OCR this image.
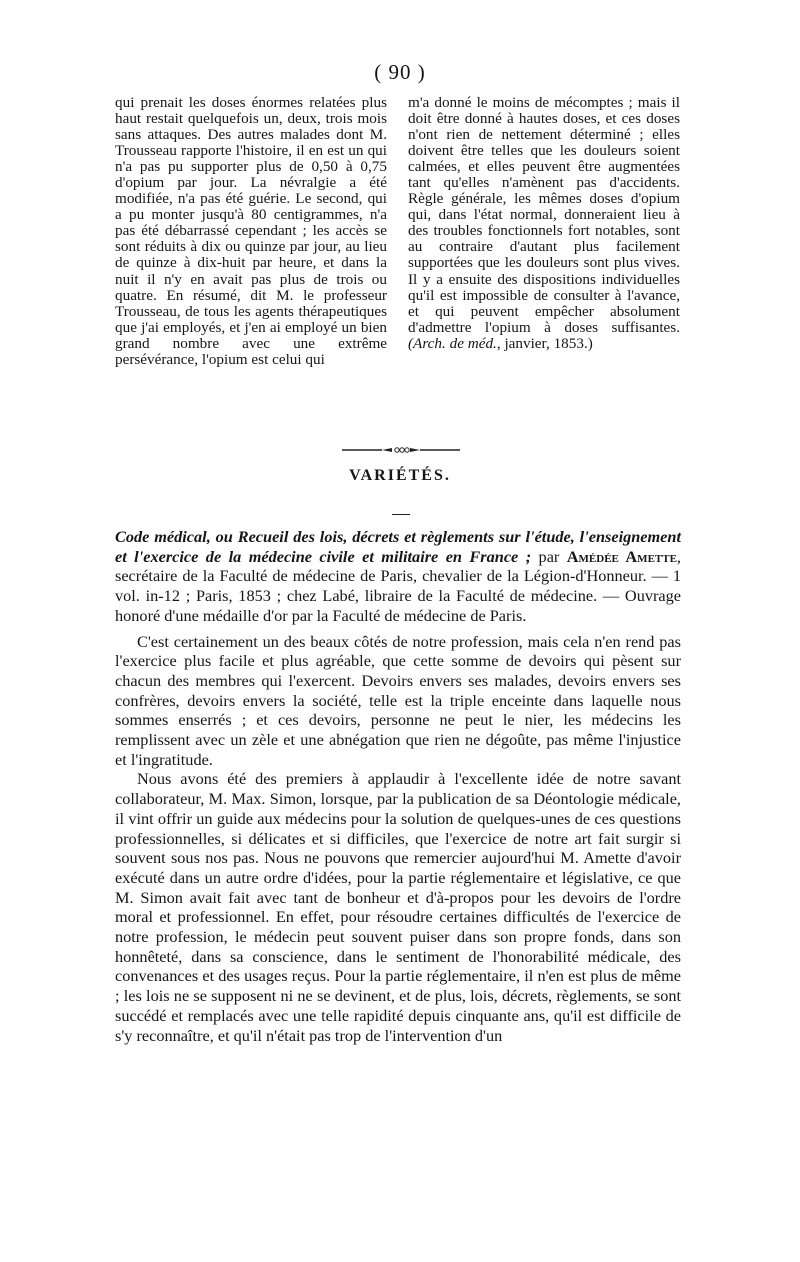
( 90 )

qui prenait les doses énormes relatées plus haut restait quelquefois un, deux, trois mois sans attaques. Des autres malades dont M. Trousseau rapporte l'histoire, il en est un qui n'a pas pu supporter plus de 0,50 à 0,75 d'opium par jour. La névralgie a été modifiée, n'a pas été guérie. Le second, qui a pu monter jusqu'à 80 centigrammes, n'a pas été débarrassé cependant ; les accès se sont réduits à dix ou quinze par jour, au lieu de quinze à dix-huit par heure, et dans la nuit il n'y en avait pas plus de trois ou quatre. En résumé, dit M. le professeur Trousseau, de tous les agents thérapeutiques que j'ai employés, et j'en ai employé un bien grand nombre avec une extrême persévérance, l'opium est celui qui

m'a donné le moins de mécomptes ; mais il doit être donné à hautes doses, et ces doses n'ont rien de nettement déterminé ; elles doivent être telles que les douleurs soient calmées, et elles peuvent être augmentées tant qu'elles n'amènent pas d'accidents. Règle générale, les mêmes doses d'opium qui, dans l'état normal, donneraient lieu à des troubles fonctionnels fort notables, sont au contraire d'autant plus facilement supportées que les douleurs sont plus vives. Il y a ensuite des dispositions individuelles qu'il est impossible de consulter à l'avance, et qui peuvent empêcher absolument d'admettre l'opium à doses suffisantes. (Arch. de méd., janvier, 1853.)

VARIÉTÉS.

Code médical, ou Recueil des lois, décrets et règlements sur l'étude, l'enseignement et l'exercice de la médecine civile et militaire en France ; par Amédée Amette, secrétaire de la Faculté de médecine de Paris, chevalier de la Légion-d'Honneur. — 1 vol. in-12 ; Paris, 1853 ; chez Labé, libraire de la Faculté de médecine. — Ouvrage honoré d'une médaille d'or par la Faculté de médecine de Paris.

C'est certainement un des beaux côtés de notre profession, mais cela n'en rend pas l'exercice plus facile et plus agréable, que cette somme de devoirs qui pèsent sur chacun des membres qui l'exercent. Devoirs envers ses malades, devoirs envers ses confrères, devoirs envers la société, telle est la triple enceinte dans laquelle nous sommes enserrés ; et ces devoirs, personne ne peut le nier, les médecins les remplissent avec un zèle et une abnégation que rien ne dégoûte, pas même l'injustice et l'ingratitude.

Nous avons été des premiers à applaudir à l'excellente idée de notre savant collaborateur, M. Max. Simon, lorsque, par la publication de sa Déontologie médicale, il vint offrir un guide aux médecins pour la solution de quelques-unes de ces questions professionnelles, si délicates et si difficiles, que l'exercice de notre art fait surgir si souvent sous nos pas. Nous ne pouvons que remercier aujourd'hui M. Amette d'avoir exécuté dans un autre ordre d'idées, pour la partie réglementaire et législative, ce que M. Simon avait fait avec tant de bonheur et d'à-propos pour les devoirs de l'ordre moral et professionnel. En effet, pour résoudre certaines difficultés de l'exercice de notre profession, le médecin peut souvent puiser dans son propre fonds, dans son honnêteté, dans sa conscience, dans le sentiment de l'honorabilité médicale, des convenances et des usages reçus. Pour la partie réglementaire, il n'en est plus de même ; les lois ne se supposent ni ne se devinent, et de plus, lois, décrets, règlements, se sont succédé et remplacés avec une telle rapidité depuis cinquante ans, qu'il est difficile de s'y reconnaître, et qu'il n'était pas trop de l'intervention d'un
